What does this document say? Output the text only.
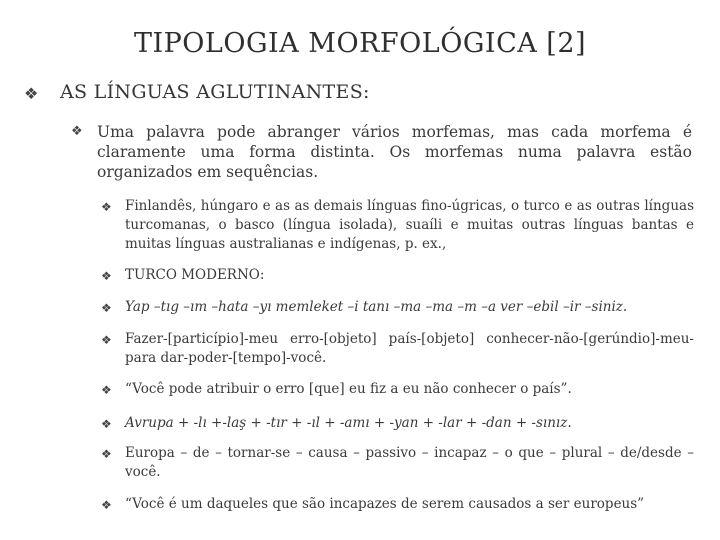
TIPOLOGIA MORFOLÓGICA [2]
❖ AS LÍNGUAS AGLUTINANTES:
❖ Uma palavra pode abranger vários morfemas, mas cada morfema é claramente uma forma distinta. Os morfemas numa palavra estão organizados em sequências.
❖ Finlandês, húngaro e as as demais línguas fino-úgricas, o turco e as outras línguas turcomanas, o basco (língua isolada), suaíli e muitas outras línguas bantas e muitas línguas australianas e indígenas, p. ex.,
❖ TURCO MODERNO:
❖ Yap –tıg –ım –hata –yı memleket –i tanı –ma –ma –m –a ver –ebil –ir –siniz.
❖ Fazer-[particípio]-meu erro-[objeto] país-[objeto] conhecer-não-[gerúndio]-meu-para dar-poder-[tempo]-você.
❖ “Você pode atribuir o erro [que] eu fiz a eu não conhecer o país”.
❖ Avrupa + -lı +-laş + -tır + -ıl + -amı + -yan + -lar + -dan + -sınız.
❖ Europa – de – tornar-se – causa – passivo – incapaz – o que – plural – de/desde – você.
❖ “Você é um daqueles que são incapazes de serem causados a ser europeus”
